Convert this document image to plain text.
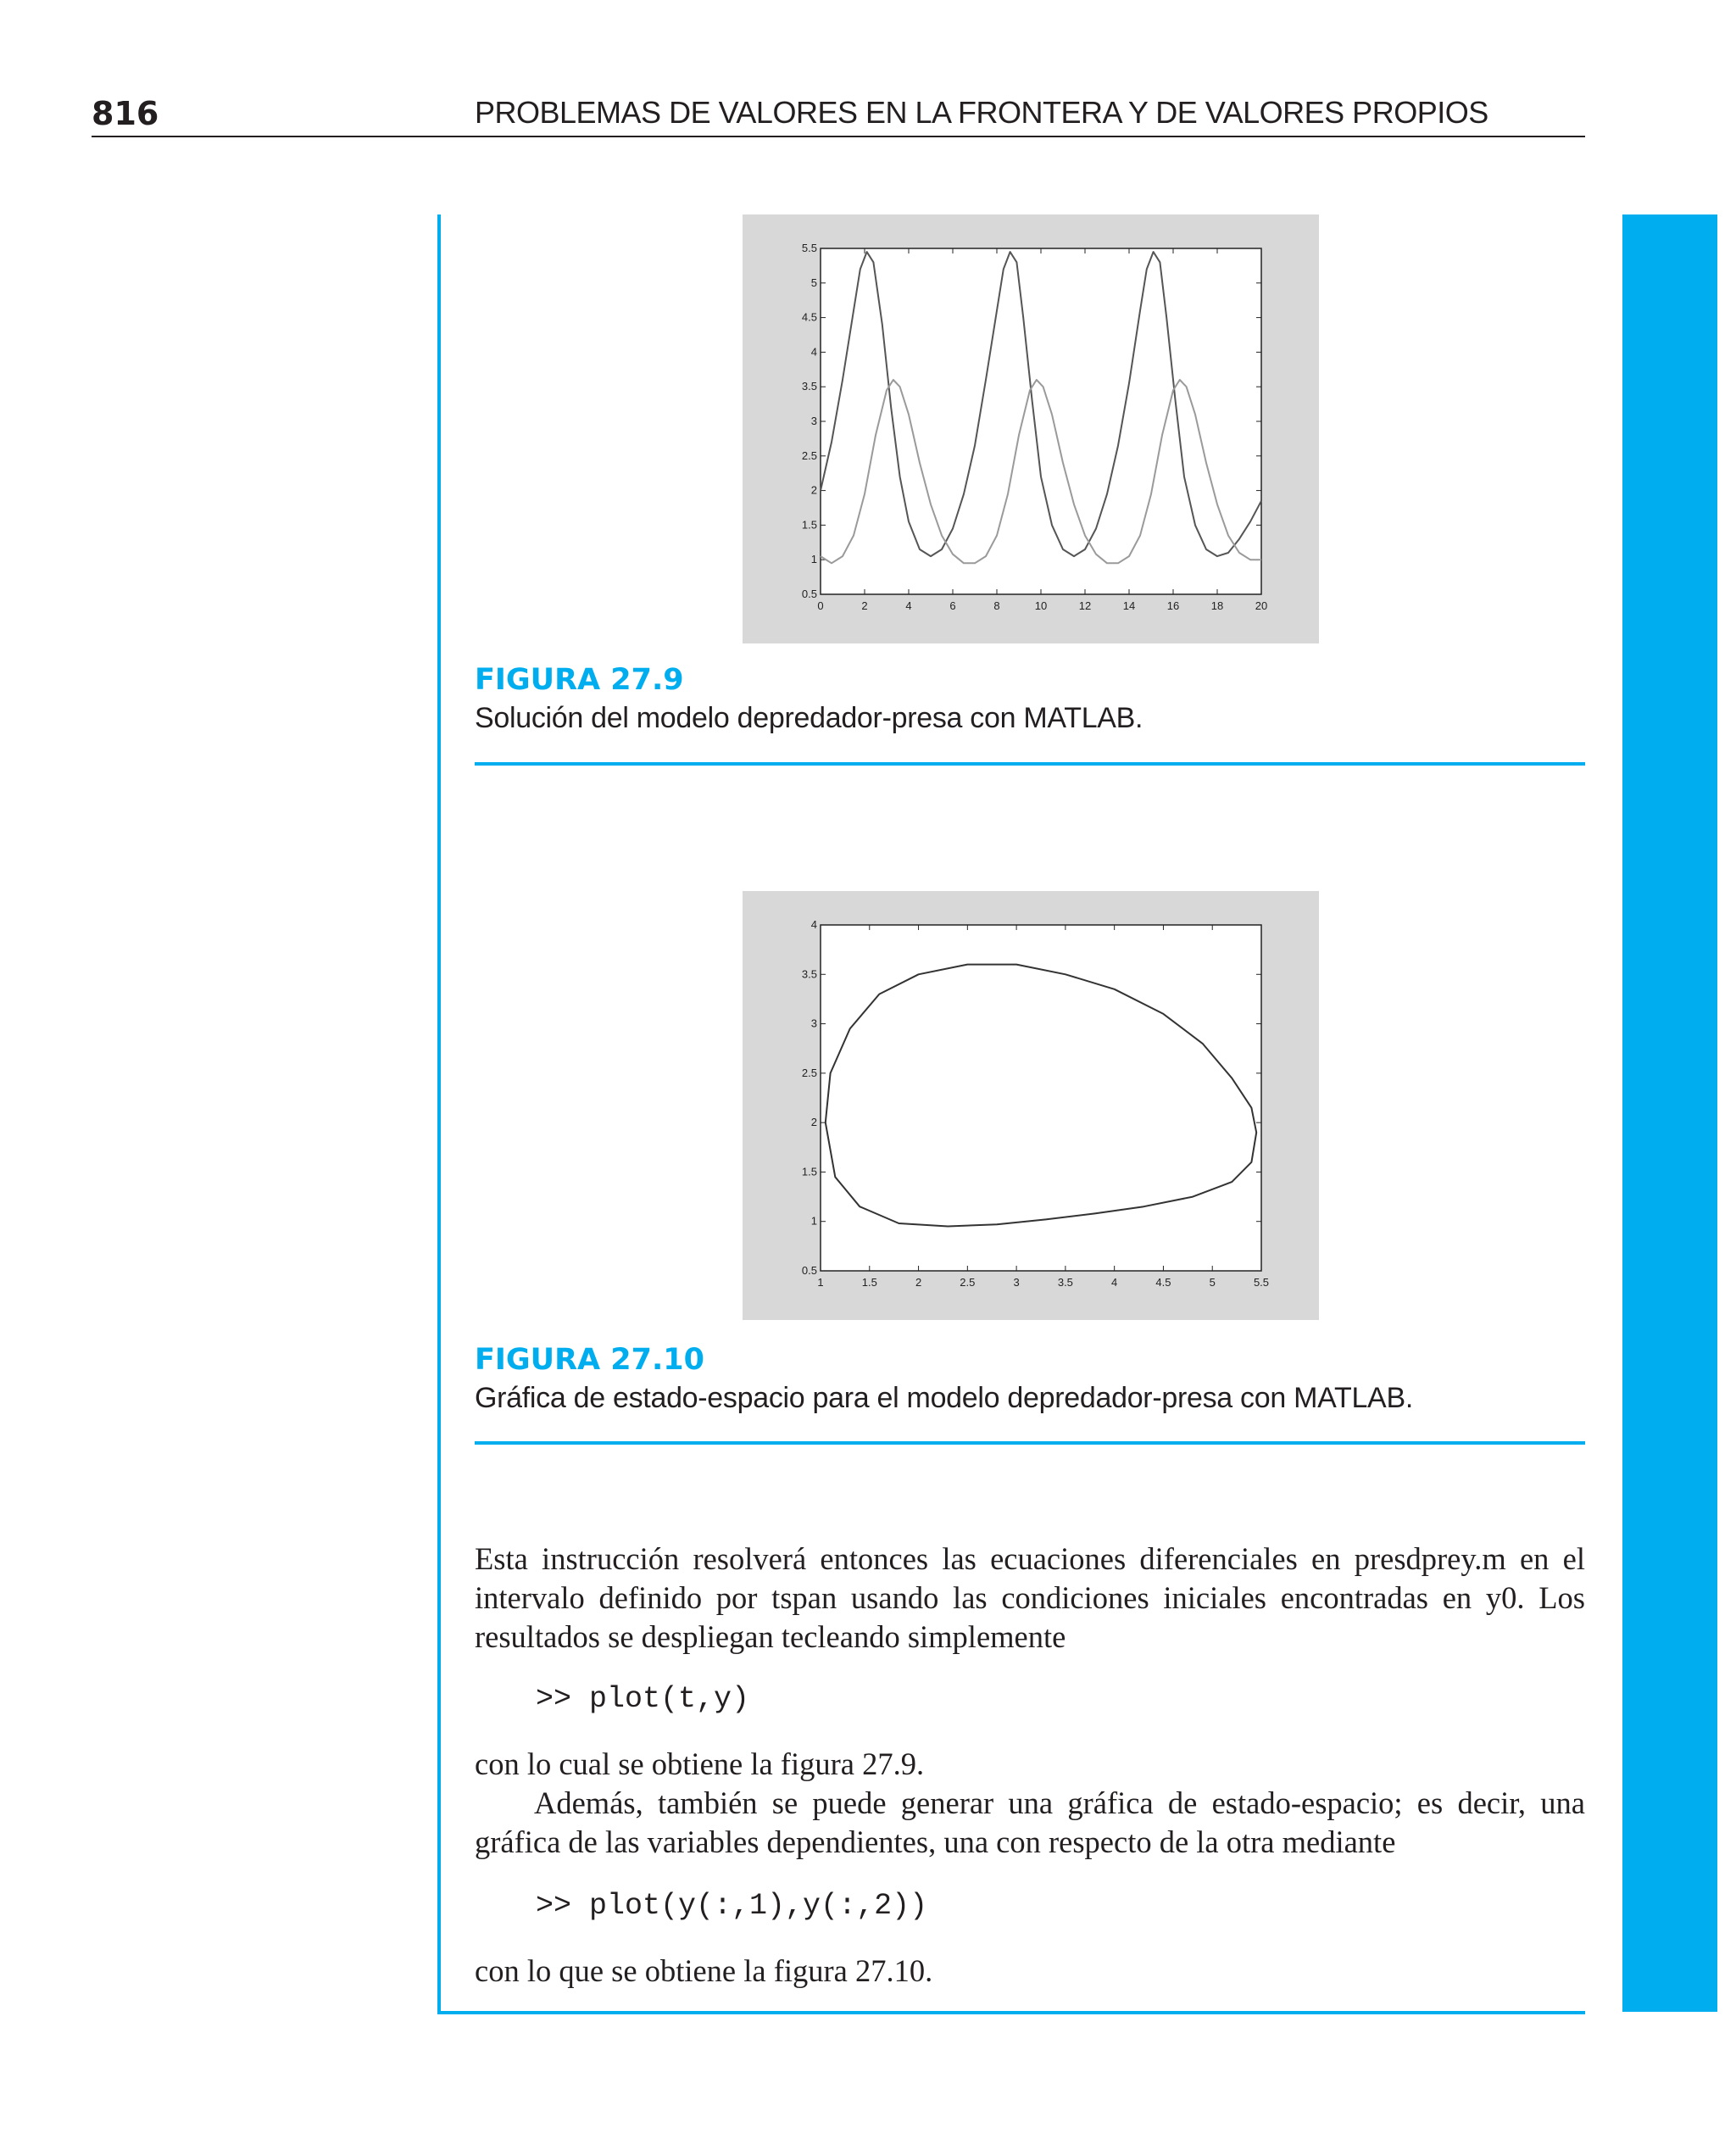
816	PROBLEMAS DE VALORES EN LA FRONTERA Y DE VALORES PROPIOS
0	2	4	6	8	10	12	14	16	18	20
0.5
1
1.5
2
2.5
3
3.5
4
4.5
5
5.5
FIGURA 27.9
Solución del modelo depredador-presa con MATLAB.
1	1.5	2	2.5	3	3.5	4	4.5	5	5.5
0.5
1
1.5
2
2.5
3
3.5
4
FIGURA 27.10
Gráfica de estado-espacio para el modelo depredador-presa con MATLAB.

Esta instrucción resolverá entonces las ecuaciones diferenciales en presdprey.m en el intervalo definido por tspan usando las condiciones iniciales encontradas en y0. Los resultados se despliegan tecleando simplemente

>> plot(t,y)

con lo cual se obtiene la figura 27.9.

Además, también se puede generar una gráfica de estado-espacio; es decir, una gráfica de las variables dependientes, una con respecto de la otra mediante

>> plot(y(:,1),y(:,2))

con lo que se obtiene la figura 27.10.
